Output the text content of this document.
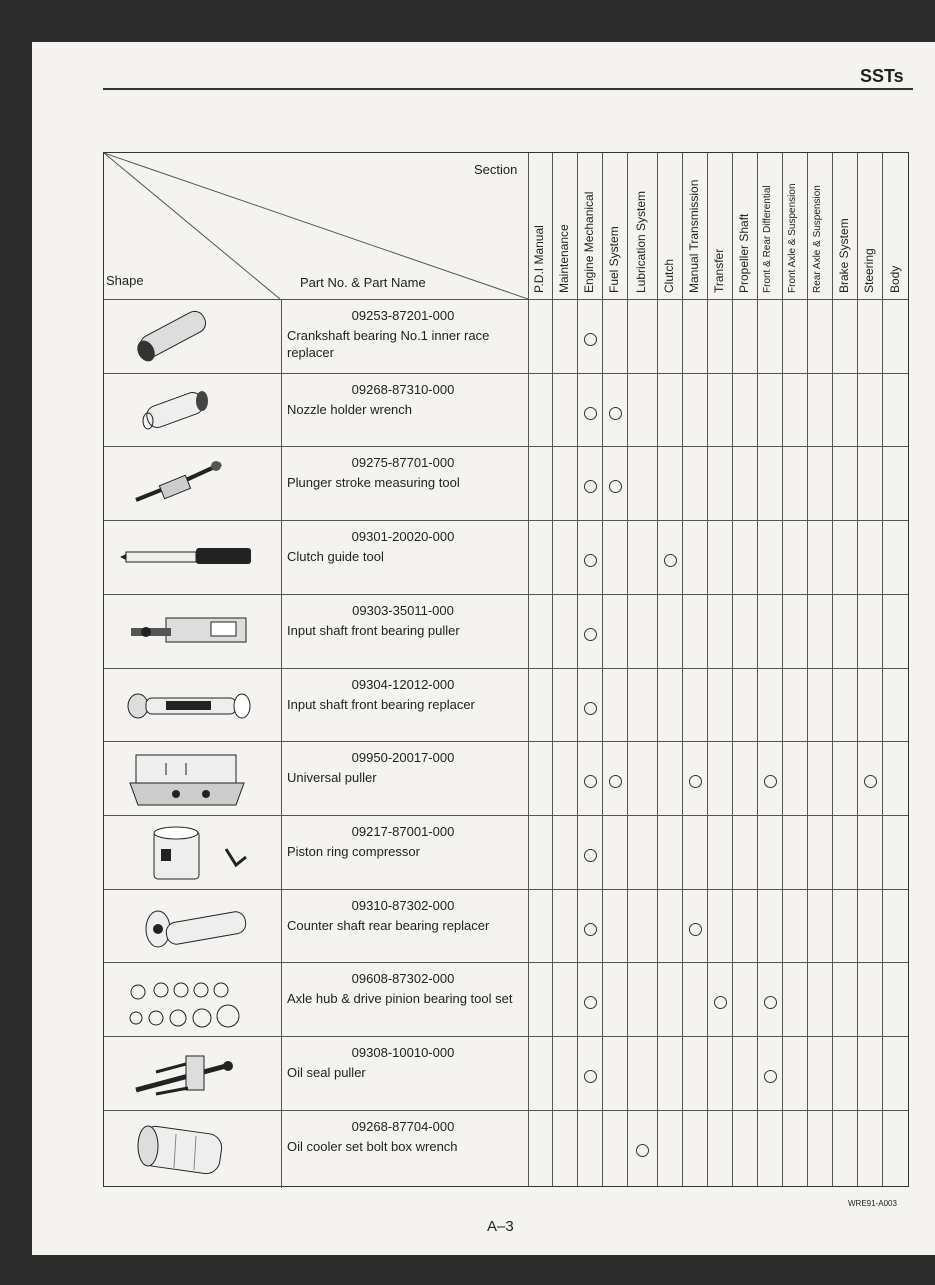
SSTs
Section
Shape	Part No. & Part Name	P.D.I Manual Maintenance Engine Mechanical Fuel System Lubrication System Clutch Manual Transmission Transfer Propeller Shaft Front & Rear Differential Front Axle & Suspension Rear Axle & Suspension Brake System Steering Body
09253-87201-000
Crankshaft bearing No.1 inner race replacer
09268-87310-000
Nozzle holder wrench
09275-87701-000
Plunger stroke measuring tool
09301-20020-000
Clutch guide tool
09303-35011-000
Input shaft front bearing puller
09304-12012-000
Input shaft front bearing replacer
09950-20017-000
Universal puller
09217-87001-000
Piston ring compressor
09310-87302-000
Counter shaft rear bearing replacer
09608-87302-000
Axle hub & drive pinion bearing tool set
09308-10010-000
Oil seal puller
09268-87704-000
Oil cooler set bolt box wrench
WRE91-A003
A–3
